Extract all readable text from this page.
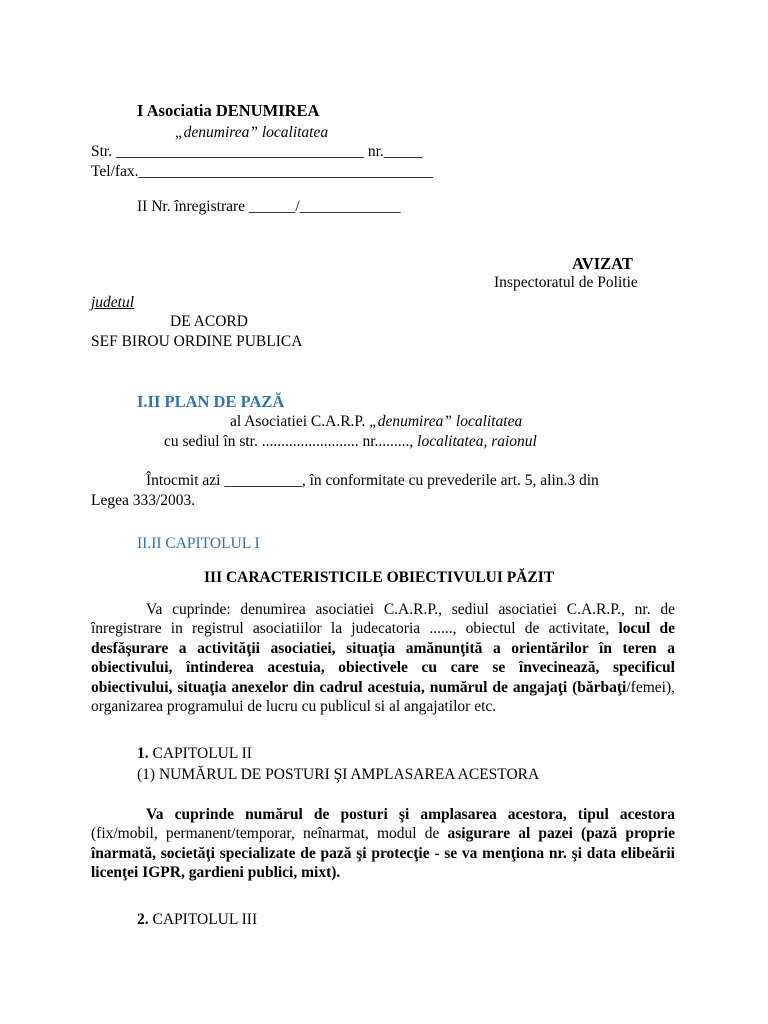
I Asociatia DENUMIREA
„denumirea” localitatea
Str. ________________________________ nr._____
Tel/fax.______________________________________
II Nr. înregistrare ______/_____________
AVIZAT
Inspectoratul de Politie
judetul
DE ACORD
SEF BIROU ORDINE PUBLICA
I.II PLAN DE PAZĂ
al Asociatiei C.A.R.P. „denumirea” localitatea
cu sediul în str. ......................... nr........., localitatea, raionul
Întocmit azi __________, în conformitate cu prevederile art. 5, alin.3 din
Legea 333/2003.
II.II CAPITOLUL I
III CARACTERISTICILE OBIECTIVULUI PĂZIT
Va cuprinde: denumirea asociatiei C.A.R.P., sediul asociatiei C.A.R.P., nr. de înregistrare in registrul asociatiilor la judecatoria ......, obiectul de activitate, locul de desfăşurare a activităţii asociatiei, situaţia amănunţită a orientărilor în teren a obiectivului, întinderea acestuia, obiectivele cu care se învecinează, specificul obiectivului, situaţia anexelor din cadrul acestuia, numărul de angajaţi (bărbaţi/femei), organizarea programului de lucru cu publicul si al angajatilor etc.
1. CAPITOLUL II
(1) NUMĂRUL DE POSTURI ŞI AMPLASAREA ACESTORA
Va cuprinde numărul de posturi şi amplasarea acestora, tipul acestora (fix/mobil, permanent/temporar, neînarmat, modul de asigurare al pazei (pază proprie înarmată, societăţi specializate de pază şi protecţie - se va menţiona nr. şi data elibeării licenţei IGPR, gardieni publici, mixt).
2. CAPITOLUL III
